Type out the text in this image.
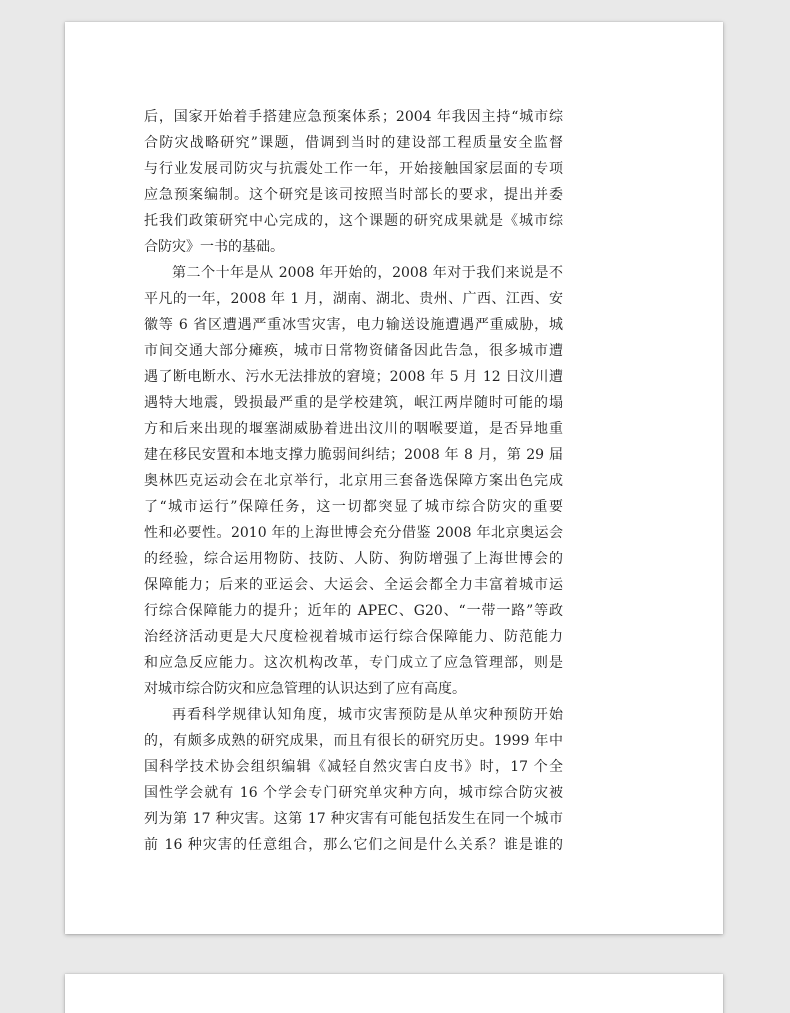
后，国家开始着手搭建应急预案体系；2004 年我因主持“城市综
合防灾战略研究”课题，借调到当时的建设部工程质量安全监督
与行业发展司防灾与抗震处工作一年，开始接触国家层面的专项
应急预案编制。这个研究是该司按照当时部长的要求，提出并委
托我们政策研究中心完成的，这个课题的研究成果就是《城市综
合防灾》一书的基础。

第二个十年是从 2008 年开始的，2008 年对于我们来说是不
平凡的一年，2008 年 1 月，湖南、湖北、贵州、广西、江西、安
徽等 6 省区遭遇严重冰雪灾害，电力输送设施遭遇严重威胁，城
市间交通大部分瘫痪，城市日常物资储备因此告急，很多城市遭
遇了断电断水、污水无法排放的窘境；2008 年 5 月 12 日汶川遭
遇特大地震，毁损最严重的是学校建筑，岷江两岸随时可能的塌
方和后来出现的堰塞湖威胁着进出汶川的咽喉要道，是否异地重
建在移民安置和本地支撑力脆弱间纠结；2008 年 8 月，第 29 届
奥林匹克运动会在北京举行，北京用三套备选保障方案出色完成
了“城市运行”保障任务，这一切都突显了城市综合防灾的重要
性和必要性。2010 年的上海世博会充分借鉴 2008 年北京奥运会
的经验，综合运用物防、技防、人防、狗防增强了上海世博会的
保障能力；后来的亚运会、大运会、全运会都全力丰富着城市运
行综合保障能力的提升；近年的 APEC、G20、“一带一路”等政
治经济活动更是大尺度检视着城市运行综合保障能力、防范能力
和应急反应能力。这次机构改革，专门成立了应急管理部，则是
对城市综合防灾和应急管理的认识达到了应有高度。

再看科学规律认知角度，城市灾害预防是从单灾种预防开始
的，有颇多成熟的研究成果，而且有很长的研究历史。1999 年中
国科学技术协会组织编辑《减轻自然灾害白皮书》时，17 个全
国性学会就有 16 个学会专门研究单灾种方向，城市综合防灾被
列为第 17 种灾害。这第 17 种灾害有可能包括发生在同一个城市
前 16 种灾害的任意组合，那么它们之间是什么关系？谁是谁的
